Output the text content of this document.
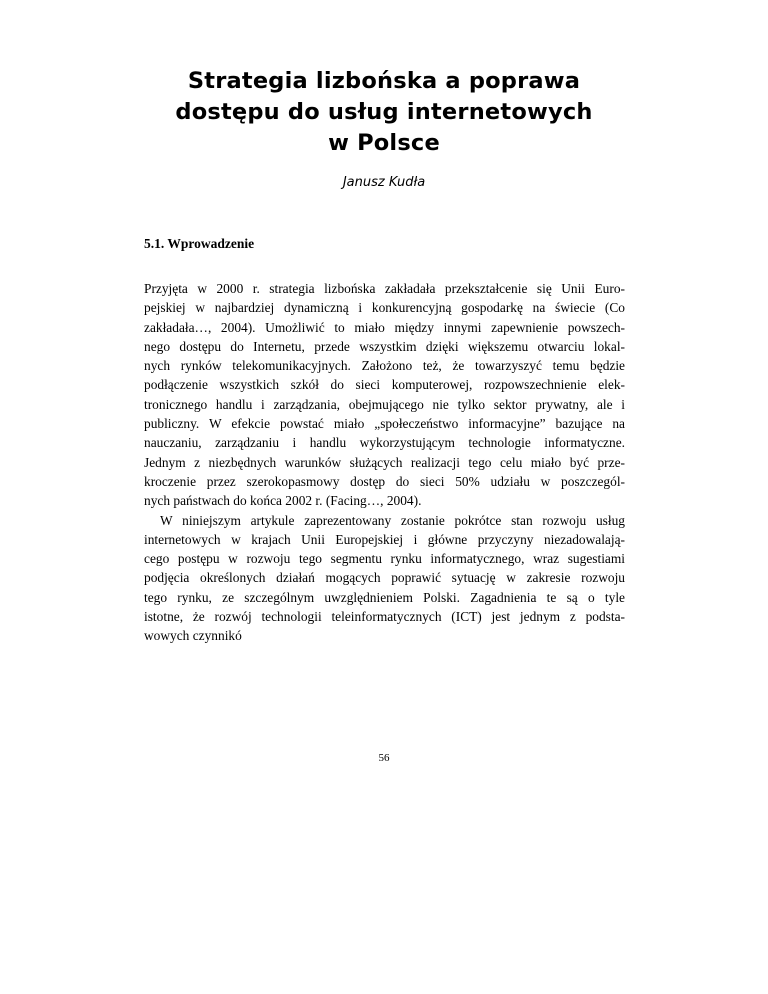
Strategia lizbońska a poprawa
dostępu do usług internetowych
w Polsce
Janusz Kudła
5.1. Wprowadzenie
Przyjęta w 2000 r. strategia lizbońska zakładała przekształcenie się Unii Euro-
pejskiej w najbardziej dynamiczną i konkurencyjną gospodarkę na świecie (Co
zakładała…, 2004). Umożliwić to miało między innymi zapewnienie powszech-
nego dostępu do Internetu, przede wszystkim dzięki większemu otwarciu lokal-
nych rynków telekomunikacyjnych. Założono też, że towarzyszyć temu będzie
podłączenie wszystkich szkół do sieci komputerowej, rozpowszechnienie elek-
tronicznego handlu i zarządzania, obejmującego nie tylko sektor prywatny, ale i
publiczny. W efekcie powstać miało „społeczeństwo informacyjne” bazujące na
nauczaniu, zarządzaniu i handlu wykorzystującym technologie informatyczne.
Jednym z niezbędnych warunków służących realizacji tego celu miało być prze-
kroczenie przez szerokopasmowy dostęp do sieci 50% udziału w poszczegól-
nych państwach do końca 2002 r. (Facing…, 2004).
W niniejszym artykule zaprezentowany zostanie pokrótce stan rozwoju usług
internetowych w krajach Unii Europejskiej i główne przyczyny niezadowalają-
cego postępu w rozwoju tego segmentu rynku informatycznego, wraz sugestiami
podjęcia określonych działań mogących poprawić sytuację w zakresie rozwoju
tego rynku, ze szczególnym uwzględnieniem Polski. Zagadnienia te są o tyle
istotne, że rozwój technologii teleinformatycznych (ICT) jest jednym z podsta-
wowych czynnikó
56
